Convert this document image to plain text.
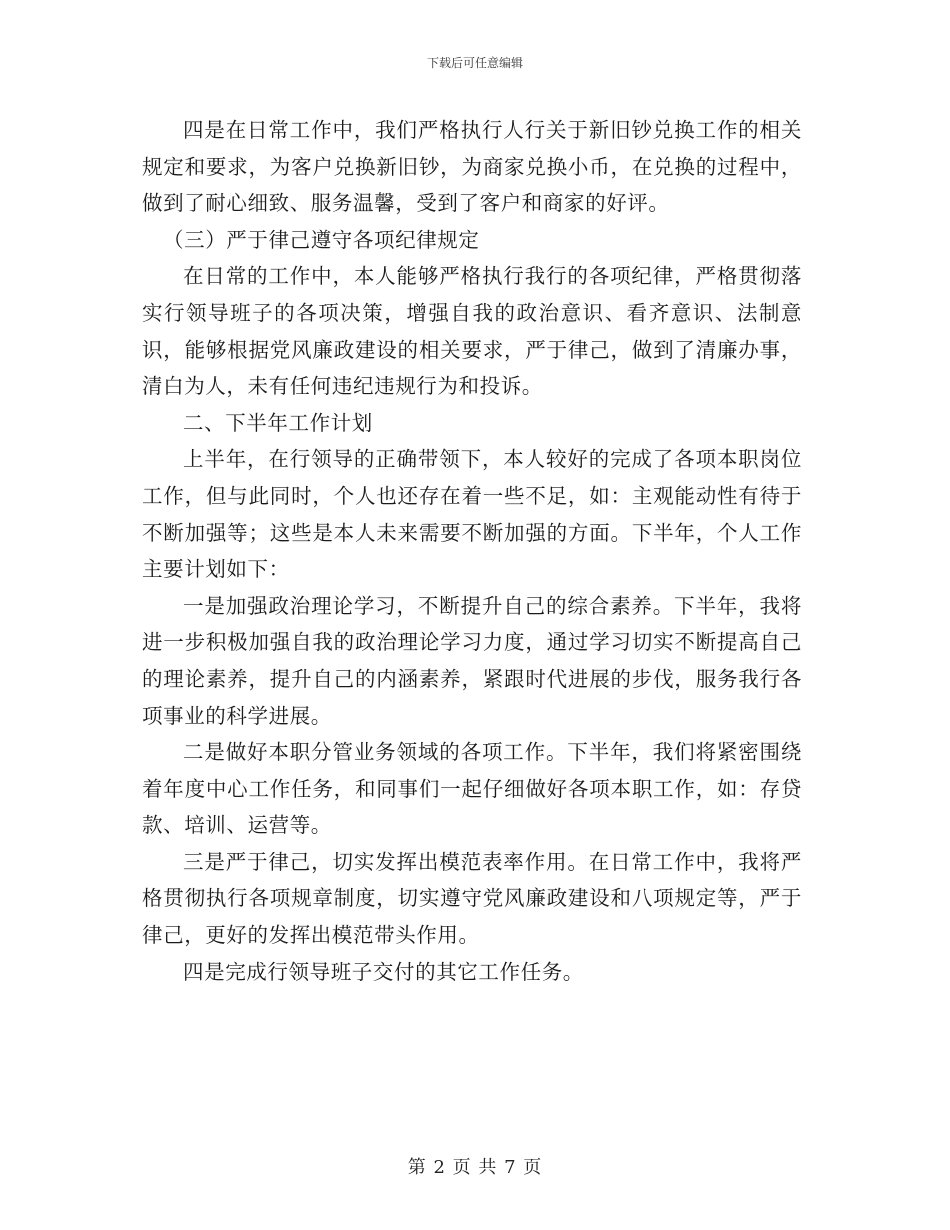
下载后可任意编辑

四是在日常工作中，我们严格执行人行关于新旧钞兑换工作的相关规定和要求，为客户兑换新旧钞，为商家兑换小币，在兑换的过程中，做到了耐心细致、服务温馨，受到了客户和商家的好评。

（三）严于律己遵守各项纪律规定

在日常的工作中，本人能够严格执行我行的各项纪律，严格贯彻落实行领导班子的各项决策，增强自我的政治意识、看齐意识、法制意识，能够根据党风廉政建设的相关要求，严于律己，做到了清廉办事，清白为人，未有任何违纪违规行为和投诉。

二、下半年工作计划

上半年，在行领导的正确带领下，本人较好的完成了各项本职岗位工作，但与此同时，个人也还存在着一些不足，如：主观能动性有待于不断加强等；这些是本人未来需要不断加强的方面。下半年，个人工作主要计划如下：

一是加强政治理论学习，不断提升自己的综合素养。下半年，我将进一步积极加强自我的政治理论学习力度，通过学习切实不断提高自己的理论素养，提升自己的内涵素养，紧跟时代进展的步伐，服务我行各项事业的科学进展。

二是做好本职分管业务领域的各项工作。下半年，我们将紧密围绕着年度中心工作任务，和同事们一起仔细做好各项本职工作，如：存贷款、培训、运营等。

三是严于律己，切实发挥出模范表率作用。在日常工作中，我将严格贯彻执行各项规章制度，切实遵守党风廉政建设和八项规定等，严于律己，更好的发挥出模范带头作用。

四是完成行领导班子交付的其它工作任务。

第 2 页 共 7 页
